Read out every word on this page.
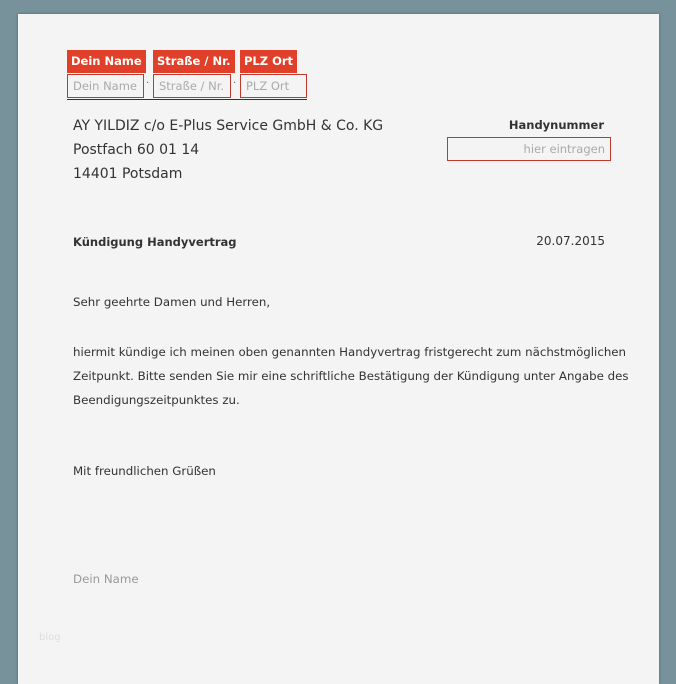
Dein Name	Straße / Nr.	PLZ Ort
Dein Name · Straße / Nr. · PLZ Ort
AY YILDIZ c/o E-Plus Service GmbH & Co. KG
Postfach 60 01 14
14401 Potsdam
Handynummer
hier eintragen
Kündigung Handyvertrag	20.07.2015
Sehr geehrte Damen und Herren,
hiermit kündige ich meinen oben genannten Handyvertrag fristgerecht zum nächstmöglichen
Zeitpunkt. Bitte senden Sie mir eine schriftliche Bestätigung der Kündigung unter Angabe des
Beendigungszeitpunktes zu.
Mit freundlichen Grüßen
Dein Name
blog
